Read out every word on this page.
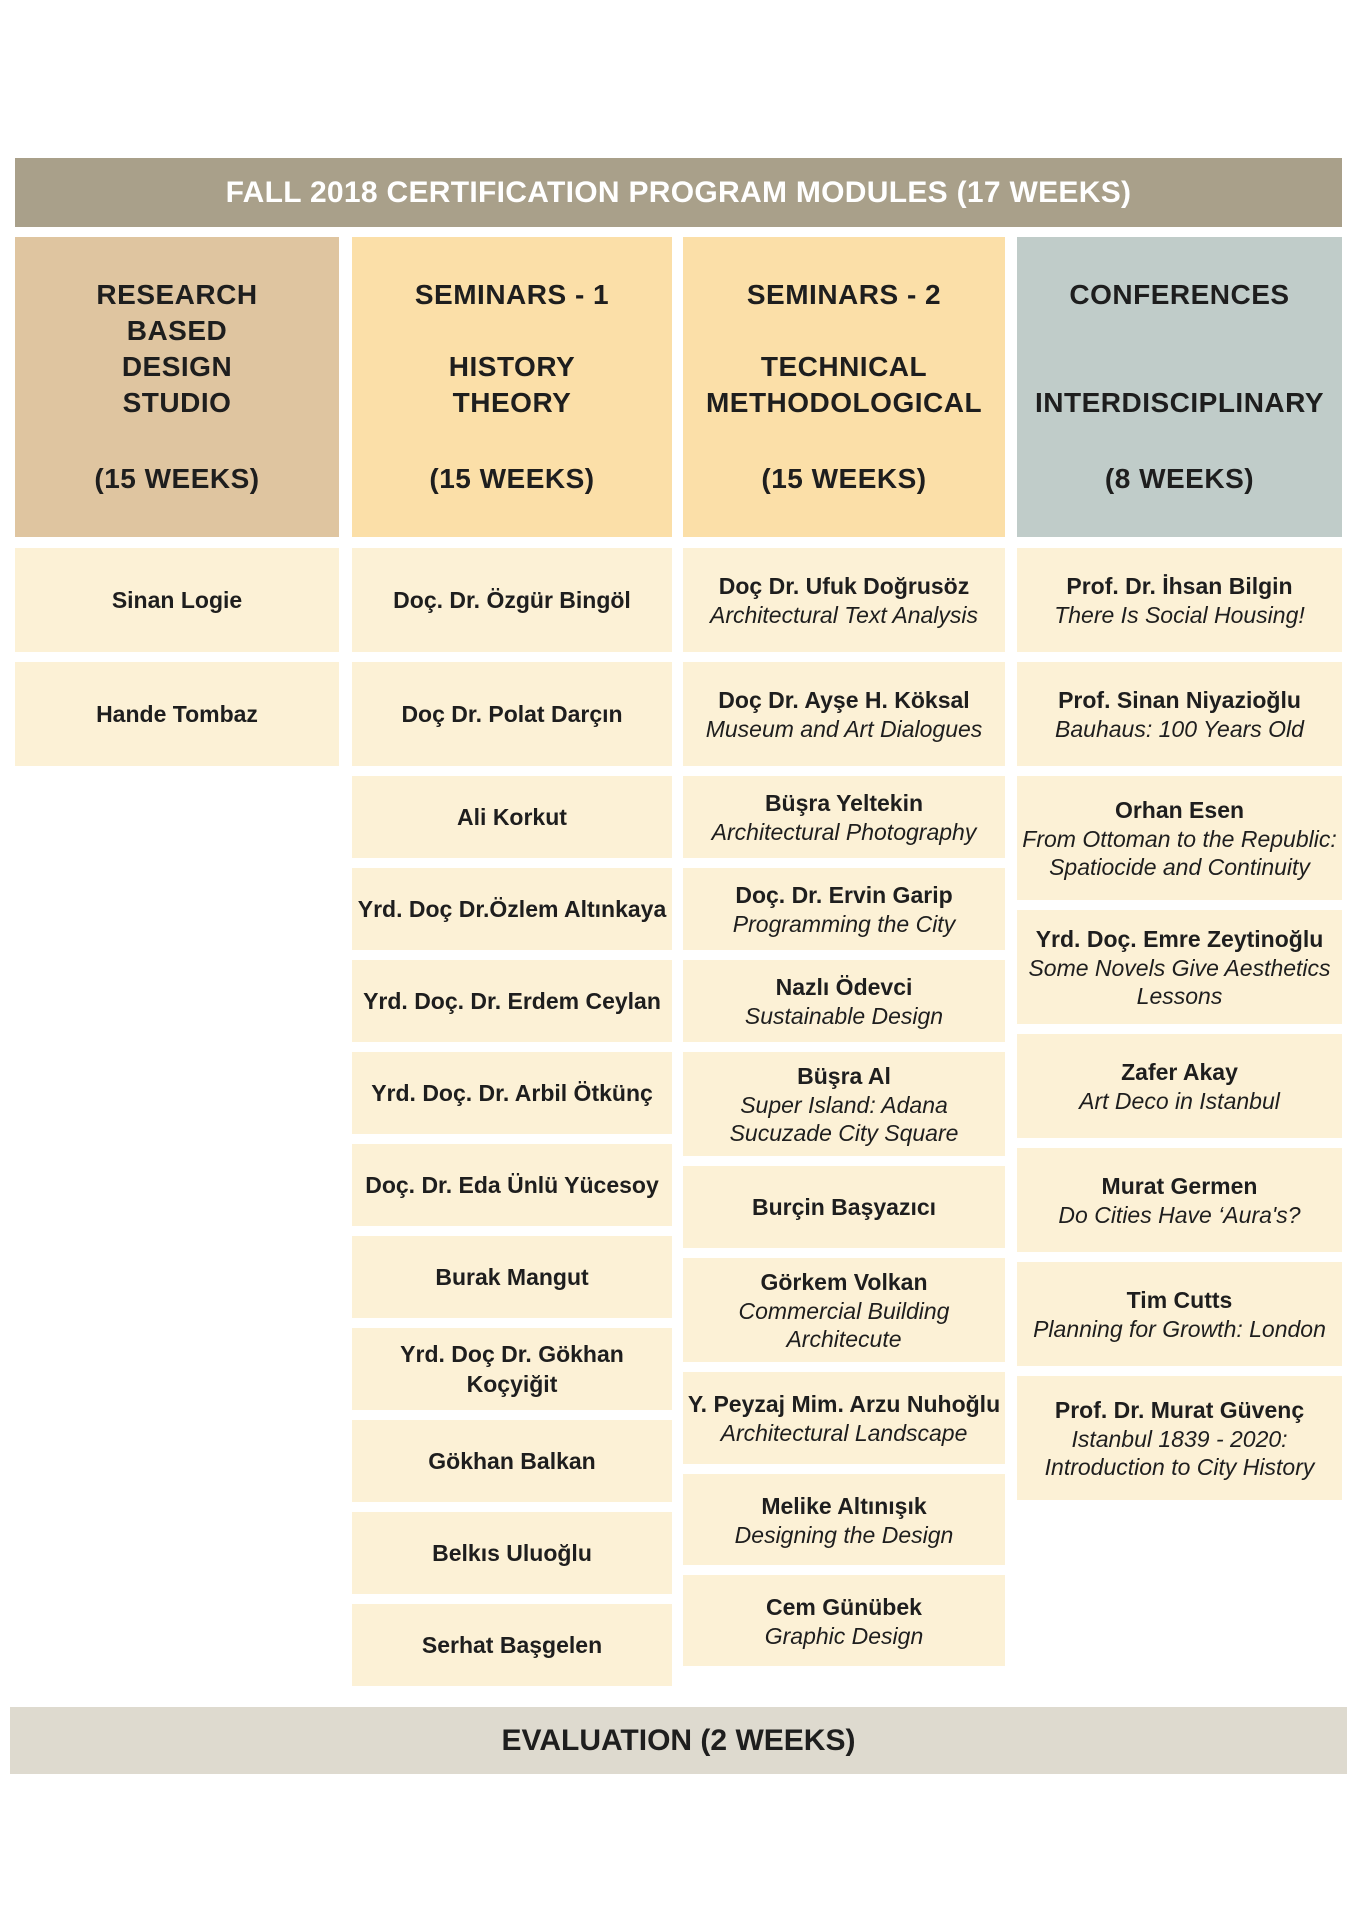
FALL 2018 CERTIFICATION PROGRAM MODULES (17 WEEKS)
RESEARCH
BASED
DESIGN
STUDIO
(15 WEEKS)
Sinan Logie
Hande Tombaz
SEMINARS - 1
HISTORY
THEORY
(15 WEEKS)
Doç. Dr. Özgür Bingöl
Doç Dr. Polat Darçın
Ali Korkut
Yrd. Doç Dr.Özlem Altınkaya
Yrd. Doç. Dr. Erdem Ceylan
Yrd. Doç. Dr. Arbil Ötkünç
Doç. Dr. Eda Ünlü Yücesoy
Burak Mangut
Yrd. Doç Dr. Gökhan Koçyiğit
Gökhan Balkan
Belkıs Uluoğlu
Serhat Başgelen
SEMINARS - 2
TECHNICAL
METHODOLOGICAL
(15 WEEKS)
Doç Dr. Ufuk Doğrusöz
Architectural Text Analysis
Doç Dr. Ayşe H. Köksal
Museum and Art Dialogues
Büşra Yeltekin
Architectural Photography
Doç. Dr. Ervin Garip
Programming the City
Nazlı Ödevci
Sustainable Design
Büşra Al
Super Island: Adana Sucuzade City Square
Burçin Başyazıcı
Görkem Volkan
Commercial Building Architecute
Y. Peyzaj Mim. Arzu Nuhoğlu
Architectural Landscape
Melike Altınışık
Designing the Design
Cem Günübek
Graphic Design
CONFERENCES
INTERDISCIPLINARY
(8 WEEKS)
Prof. Dr. İhsan Bilgin
There Is Social Housing!
Prof. Sinan Niyazioğlu
Bauhaus: 100 Years Old
Orhan Esen
From Ottoman to the Republic: Spatiocide and Continuity
Yrd. Doç. Emre Zeytinoğlu
Some Novels Give Aesthetics Lessons
Zafer Akay
Art Deco in Istanbul
Murat Germen
Do Cities Have ‘Aura's?
Tim Cutts
Planning for Growth: London
Prof. Dr. Murat Güvenç
Istanbul 1839 - 2020: Introduction to City History
EVALUATION (2 WEEKS)
